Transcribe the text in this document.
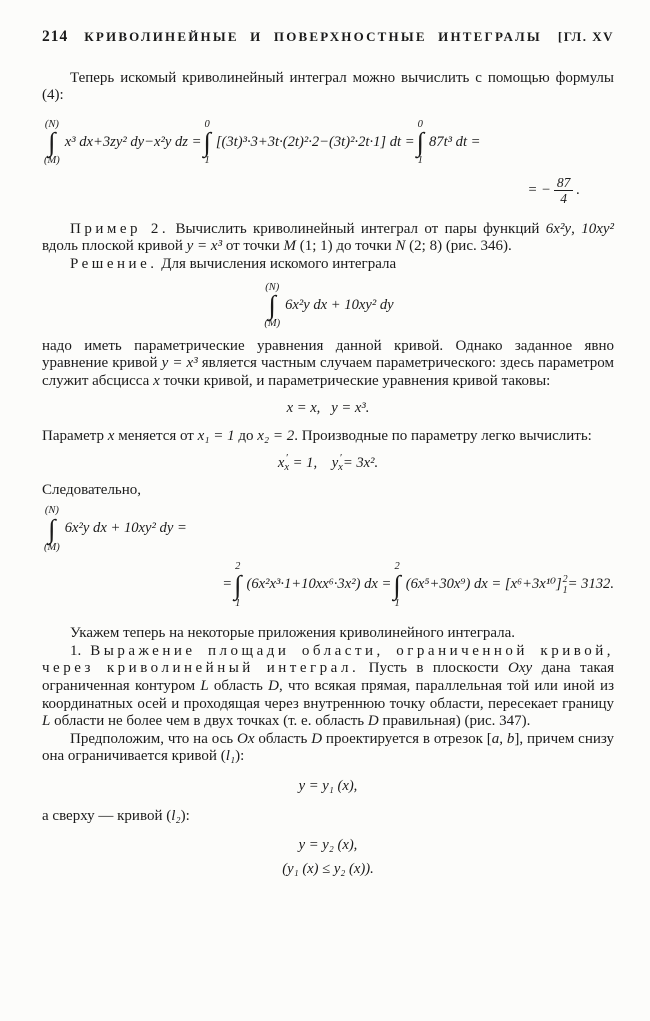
214	КРИВОЛИНЕЙНЫЕ И ПОВЕРХНОСТНЫЕ ИНТЕГРАЛЫ	[ГЛ. XV

Теперь искомый криволинейный интеграл можно вычислить с помощью формулы (4):

(N)
∫
(M)
x³ dx+3zy² dy−x²y dz =
0
∫
1
[(3t)³·3+3t·(2t)²·2−(3t)²·2t·1] dt =
0
∫
1
87t³ dt =
= − $\frac{87}{4}$ .

Пример 2. Вычислить криволинейный интеграл от пары функций 6x²y, 10xy² вдоль плоской кривой y = x³ от точки M (1; 1) до точки N (2; 8) (рис. 346).

Решение. Для вычисления искомого интеграла

(N)
∫
(M)
6x²y dx + 10xy² dy

надо иметь параметрические уравнения данной кривой. Однако заданное явно уравнение кривой y = x³ является частным случаем параметрического: здесь параметром служит абсцисса x точки кривой, и параметрические уравнения кривой таковы:

x = x,   y = x³.

Параметр x меняется от x₁ = 1 до x₂ = 2. Производные по параметру легко вычислить:

x ′
x = 1, y ′
x = 3x².

Следовательно,

(N)
∫
(M)
6x²y dx + 10xy² dy =
=
2
∫
1
(6x²x³·1+10xx⁶·3x²) dx =
2
∫
1
(6x⁵+30x⁹) dx = [x⁶+3x¹⁰] 2
1 = 3132.

Укажем теперь на некоторые приложения криволинейного интеграла.

1. Выражение площади области, ограниченной кривой, через криволинейный интеграл. Пусть в плоскости Oxy дана такая ограниченная контуром L область D, что всякая прямая, параллельная той или иной из координатных осей и проходящая через внутреннюю точку области, пересекает границу L области не более чем в двух точках (т. е. область D правильная) (рис. 347).

Предположим, что на ось Ox область D проектируется в отрезок [a, b], причем снизу она ограничивается кривой (l₁):

y = y₁ (x),

а сверху — кривой (l₂):

y = y₂ (x),
(y₁ (x) ≤ y₂ (x)).
